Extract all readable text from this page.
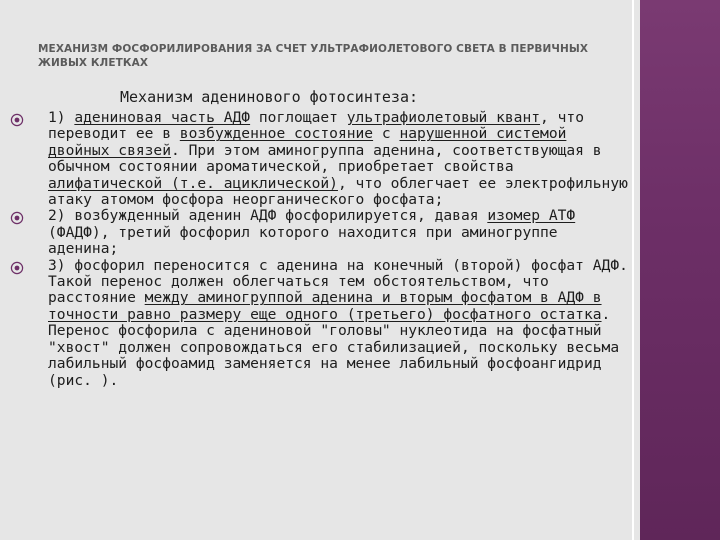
МЕХАНИЗМ ФОСФОРИЛИРОВАНИЯ ЗА СЧЕТ УЛЬТРАФИОЛЕТОВОГО СВЕТА В ПЕРВИЧНЫХ ЖИВЫХ КЛЕТКАХ
Механизм аденинового фотосинтеза:

1) адениновая часть АДФ поглощает ультрафиолетовый квант, что переводит ее в возбужденное состояние с нарушенной системой двойных связей. При этом аминогруппа аденина, соответствующая в обычном состоянии ароматической, приобретает свойства алифатической (т.е. ациклической), что облегчает ее электрофильную атаку атомом фосфора неорганического фосфата;

2) возбужденный аденин АДФ фосфорилируется, давая изомер АТФ (ФАДФ), третий фосфорил которого находится при аминогруппе аденина;

3) фосфорил переносится с аденина на конечный (второй) фосфат АДФ. Такой перенос должен облегчаться тем обстоятельством, что расстояние между аминогруппой аденина и вторым фосфатом в АДФ в точности равно размеру еще одного (третьего) фосфатного остатка. Перенос фосфорила с адениновой "головы" нуклеотида на фосфатный "хвост" должен сопровождаться его стабилизацией, поскольку весьма лабильный фосфоамид заменяется на менее лабильный фосфоангидрид (рис. ).
